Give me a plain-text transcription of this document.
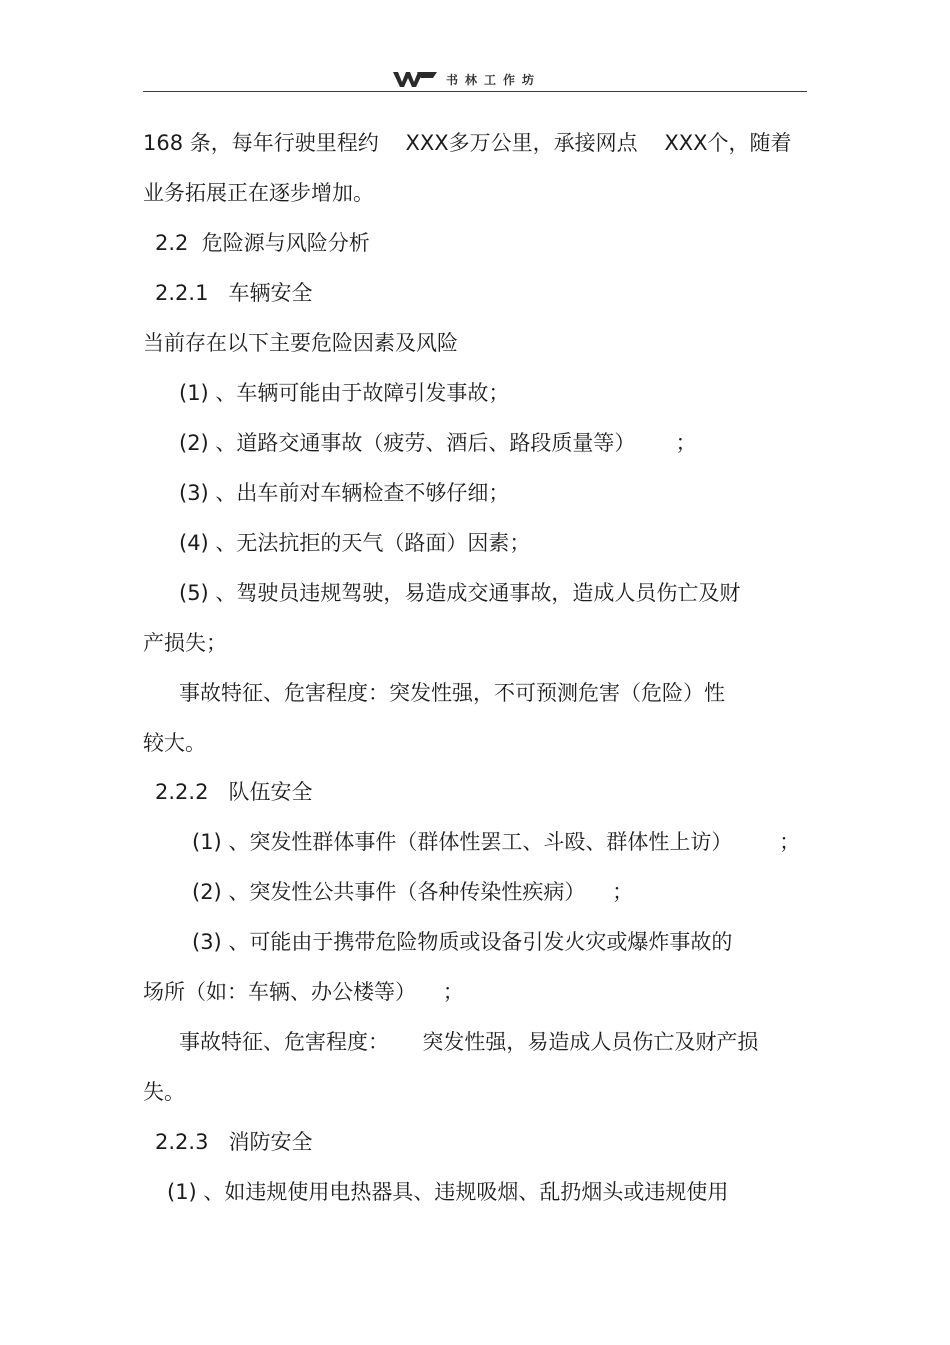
书林工作坊
168 条，每年行驶里程约    XXX多万公里，承接网点    XXX个，随着
业务拓展正在逐步增加。
2.2  危险源与风险分析
2.2.1   车辆安全
当前存在以下主要危险因素及风险
(1) 、车辆可能由于故障引发事故；
(2) 、道路交通事故（疲劳、酒后、路段质量等）      ；
(3) 、出车前对车辆检查不够仔细；
(4) 、无法抗拒的天气（路面）因素；
(5) 、驾驶员违规驾驶，易造成交通事故，造成人员伤亡及财
产损失；
事故特征、危害程度：突发性强，不可预测危害（危险）性
较大。
2.2.2   队伍安全
(1) 、突发性群体事件（群体性罢工、斗殴、群体性上访）       ；
(2) 、突发性公共事件（各种传染性疾病）    ；
(3) 、可能由于携带危险物质或设备引发火灾或爆炸事故的
场所（如：车辆、办公楼等）    ；
事故特征、危害程度：     突发性强，易造成人员伤亡及财产损
失。
2.2.3   消防安全
(1) 、如违规使用电热器具、违规吸烟、乱扔烟头或违规使用
